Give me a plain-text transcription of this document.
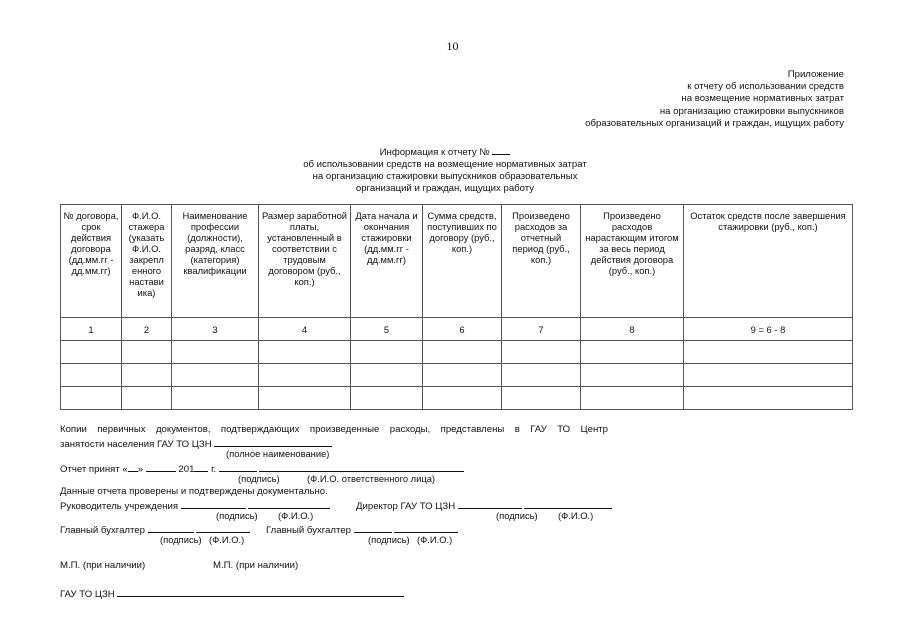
10
Приложение
к отчету об использовании средств
на возмещение нормативных затрат
на организацию стажировки выпускников
образовательных организаций и граждан, ищущих работу
Информация к отчету №
об использовании средств на возмещение нормативных затрат
на организацию стажировки выпускников образовательных
организаций и граждан, ищущих работу
№ договора, срок действия договора (дд.мм.гг - дд.мм.гг)	Ф.И.О. стажера (указать Ф.И.О. закрепл енного настави ика)	Наименование профессии (должности), разряд, класс (категория) квалификации	Размер заработной платы, установленный в соответствии с трудовым договором (руб., коп.)	Дата начала и окончания стажировки (дд.мм.гг - дд.мм.гг)	Сумма средств, поступивших по договору (руб., коп.)	Произведено расходов за отчетный период (руб., коп.)	Произведено расходов нарастающим итогом за весь период действия договора (руб., коп.)	Остаток средств после завершения стажировки (руб., коп.)
1	2	3	4	5	6	7	8	9 = 6 - 8

Копии первичных документов, подтверждающих произведенные расходы, представлены в ГАУ ТО Центр
занятости населения ГАУ ТО ЦЗН
(полное наименование)
Отчет принят « »	201 г.
(подпись)	(Ф.И.О. ответственного лица)
Данные отчета проверены и подтверждены документально.
Руководитель учреждения	Директор ГАУ ТО ЦЗН
(подпись) (Ф.И.О.)	(подпись) (Ф.И.О.)
Главный бухгалтер	Главный бухгалтер
(подпись) (Ф.И.О.)	(подпись) (Ф.И.О.)
М.П. (при наличии)	М.П. (при наличии)
ГАУ ТО ЦЗН
